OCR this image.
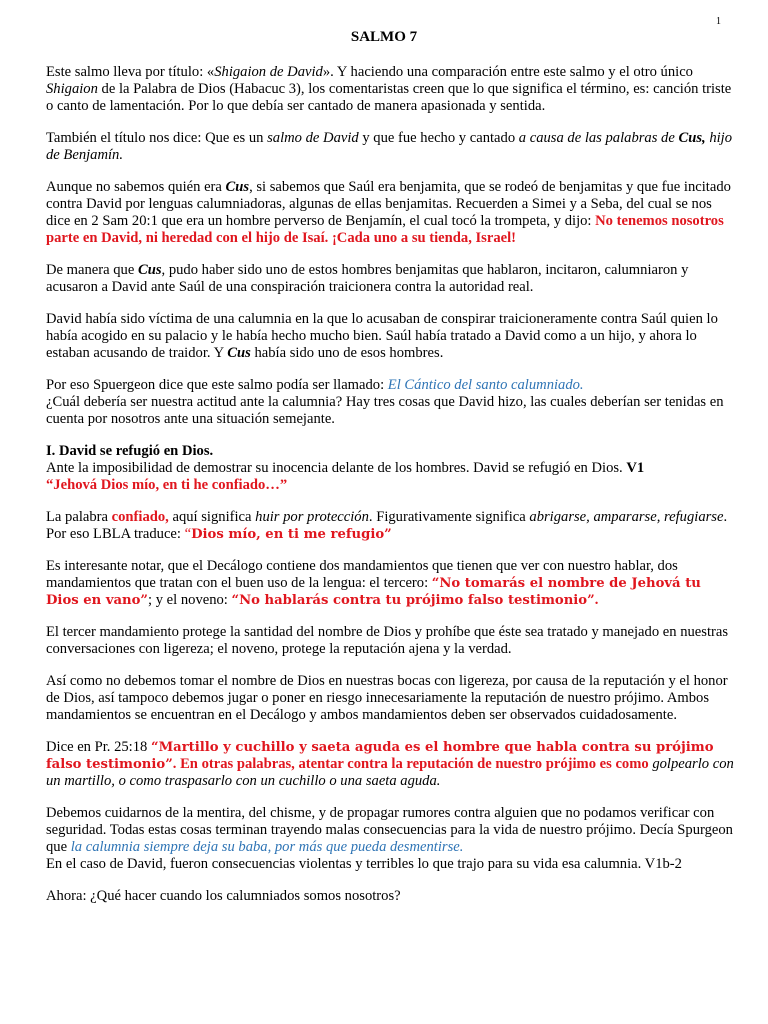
1
SALMO 7

Este salmo lleva por título: «Shigaion de David». Y haciendo una comparación entre este salmo y el otro único Shigaion de la Palabra de Dios (Habacuc 3), los comentaristas creen que lo que significa el término, es: canción triste o canto de lamentación. Por lo que debía ser cantado de manera apasionada y sentida.

También el título nos dice: Que es un salmo de David y que fue hecho y cantado a causa de las palabras de Cus, hijo de Benjamín.

Aunque no sabemos quién era Cus, si sabemos que Saúl era benjamita, que se rodeó de benjamitas y que fue incitado contra David por lenguas calumniadoras, algunas de ellas benjamitas. Recuerden a Simei y a Seba, del cual se nos dice en 2 Sam 20:1 que era un hombre perverso de Benjamín, el cual tocó la trompeta, y dijo: No tenemos nosotros parte en David, ni heredad con el hijo de Isaí. ¡Cada uno a su tienda, Israel!

De manera que Cus, pudo haber sido uno de estos hombres benjamitas que hablaron, incitaron, calumniaron y acusaron a David ante Saúl de una conspiración traicionera contra la autoridad real.

David había sido víctima de una calumnia en la que lo acusaban de conspirar traicioneramente contra Saúl quien lo había acogido en su palacio y le había hecho mucho bien. Saúl había tratado a David como a un hijo, y ahora lo estaban acusando de traidor. Y Cus había sido uno de esos hombres.

Por eso Spuergeon dice que este salmo podía ser llamado: El Cántico del santo calumniado.

¿Cuál debería ser nuestra actitud ante la calumnia? Hay tres cosas que David hizo, las cuales deberían ser tenidas en cuenta por nosotros ante una situación semejante.

I. David se refugió en Dios.
Ante la imposibilidad de demostrar su inocencia delante de los hombres. David se refugió en Dios. V1
“Jehová Dios mío, en ti he confiado…”

La palabra confiado, aquí significa huir por protección. Figurativamente significa abrigarse, ampararse, refugiarse. Por eso LBLA traduce: “Dios mío, en ti me refugio”

Es interesante notar, que el Decálogo contiene dos mandamientos que tienen que ver con nuestro hablar, dos mandamientos que tratan con el buen uso de la lengua: el tercero: “No tomarás el nombre de Jehová tu Dios en vano”; y el noveno: “No hablarás contra tu prójimo falso testimonio”.

El tercer mandamiento protege la santidad del nombre de Dios y prohíbe que éste sea tratado y manejado en nuestras conversaciones con ligereza; el noveno, protege la reputación ajena y la verdad.

Así como no debemos tomar el nombre de Dios en nuestras bocas con ligereza, por causa de la reputación y el honor de Dios, así tampoco debemos jugar o poner en riesgo innecesariamente la reputación de nuestro prójimo. Ambos mandamientos se encuentran en el Decálogo y ambos mandamientos deben ser observados cuidadosamente.

Dice en Pr. 25:18 “Martillo y cuchillo y saeta aguda es el hombre que habla contra su prójimo falso testimonio”. En otras palabras, atentar contra la reputación de nuestro prójimo es como golpearlo con un martillo, o como traspasarlo con un cuchillo o una saeta aguda.

Debemos cuidarnos de la mentira, del chisme, y de propagar rumores contra alguien que no podamos verificar con seguridad. Todas estas cosas terminan trayendo malas consecuencias para la vida de nuestro prójimo. Decía Spurgeon que la calumnia siempre deja su baba, por más que pueda desmentirse.

En el caso de David, fueron consecuencias violentas y terribles lo que trajo para su vida esa calumnia. V1b-2

Ahora: ¿Qué hacer cuando los calumniados somos nosotros?
